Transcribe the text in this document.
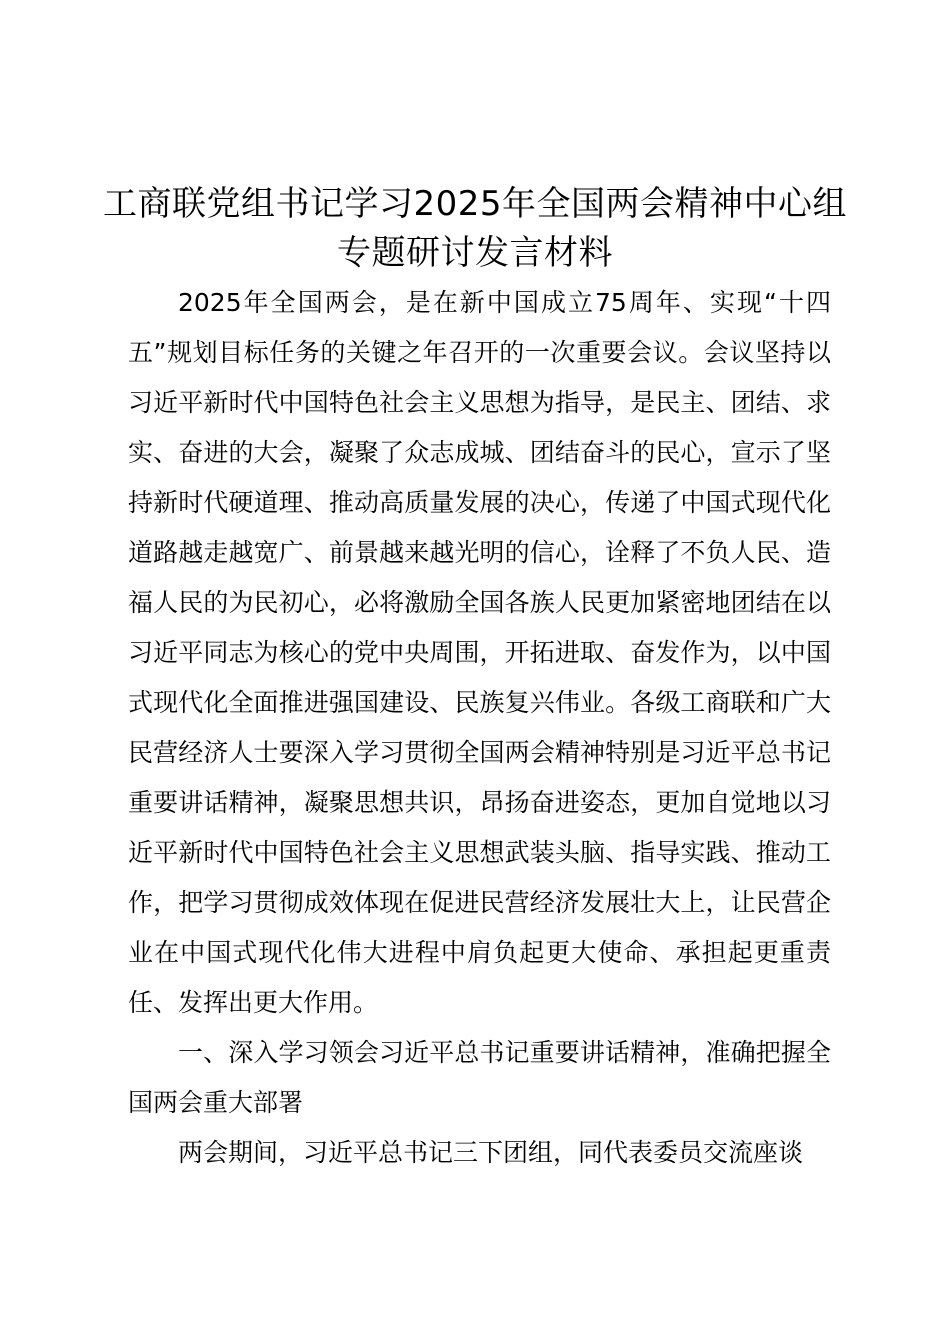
工商联党组书记学习2025年全国两会精神中心组专题研讨发言材料

2025年全国两会，是在新中国成立75周年、实现“十四五”规划目标任务的关键之年召开的一次重要会议。会议坚持以习近平新时代中国特色社会主义思想为指导，是民主、团结、求实、奋进的大会，凝聚了众志成城、团结奋斗的民心，宣示了坚持新时代硬道理、推动高质量发展的决心，传递了中国式现代化道路越走越宽广、前景越来越光明的信心，诠释了不负人民、造福人民的为民初心，必将激励全国各族人民更加紧密地团结在以习近平同志为核心的党中央周围，开拓进取、奋发作为，以中国式现代化全面推进强国建设、民族复兴伟业。各级工商联和广大民营经济人士要深入学习贯彻全国两会精神特别是习近平总书记重要讲话精神，凝聚思想共识，昂扬奋进姿态，更加自觉地以习近平新时代中国特色社会主义思想武装头脑、指导实践、推动工作，把学习贯彻成效体现在促进民营经济发展壮大上，让民营企业在中国式现代化伟大进程中肩负起更大使命、承担起更重责任、发挥出更大作用。

一、深入学习领会习近平总书记重要讲话精神，准确把握全国两会重大部署

两会期间，习近平总书记三下团组，同代表委员交流座谈
